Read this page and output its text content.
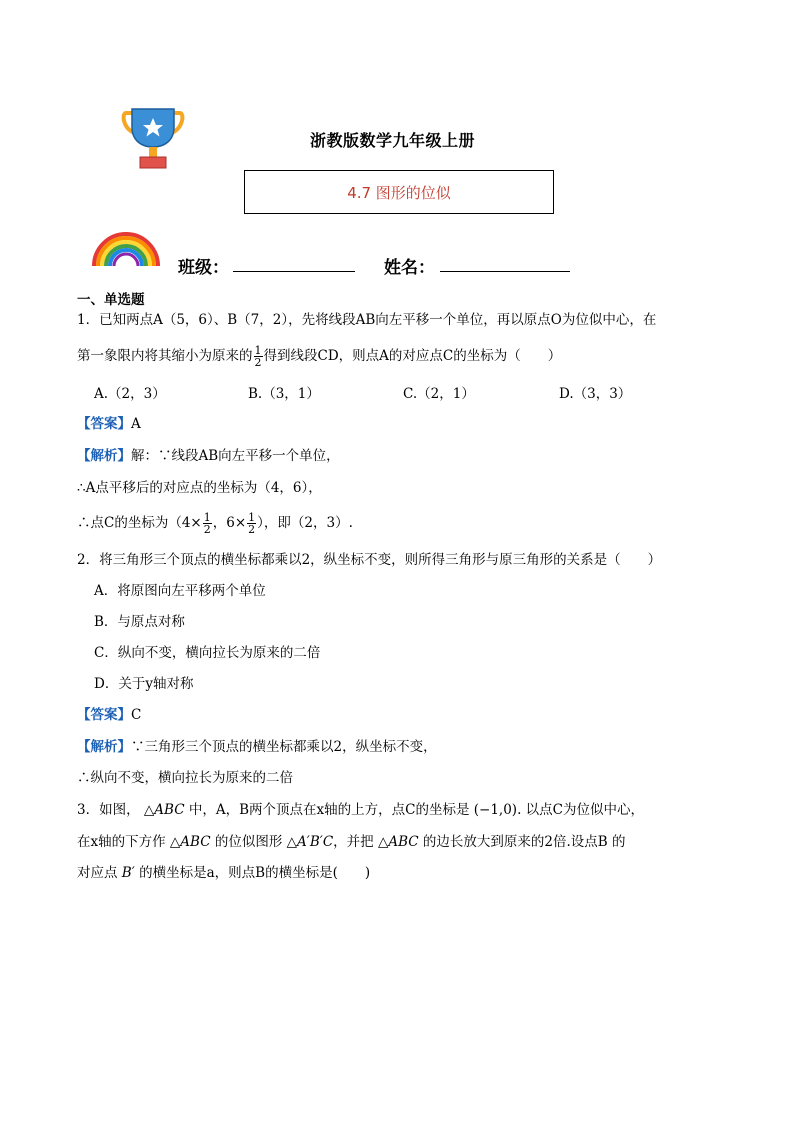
浙教版数学九年级上册
4.7 图形的位似
班级：	姓名：
一、单选题
1．已知两点A（5，6）、B（7，2），先将线段AB向左平移一个单位，再以原点O为位似中心，在
第一象限内将其缩小为原来的 $\frac{1}{2}$ 得到线段CD，则点A的对应点C的坐标为（　　）
A.（2，3）	B.（3，1）	C.（2，1）	D.（3，3）
【答案】A
【解析】解：∵线段AB向左平移一个单位，
∴A点平移后的对应点的坐标为（4，6），
∴点C的坐标为（$4\times \frac{1}{2}$ ，$6\times \frac{1}{2}$ ），即（2，3）.
2．将三角形三个顶点的横坐标都乘以2，纵坐标不变，则所得三角形与原三角形的关系是（　　）
A．将原图向左平移两个单位
B．与原点对称
C．纵向不变，横向拉长为原来的二倍
D．关于y轴对称
【答案】C
【解析】∵三角形三个顶点的横坐标都乘以2，纵坐标不变，
∴纵向不变，横向拉长为原来的二倍
3．如图， △ABC 中，A，B两个顶点在x轴的上方，点C的坐标是 (−1,0). 以点C为位似中心，
在x轴的下方作 △ABC 的位似图形 △A′B′C，并把 △ABC 的边长放大到原来的2倍.设点B 的
对应点 B′ 的横坐标是a，则点B的横坐标是(　　)
